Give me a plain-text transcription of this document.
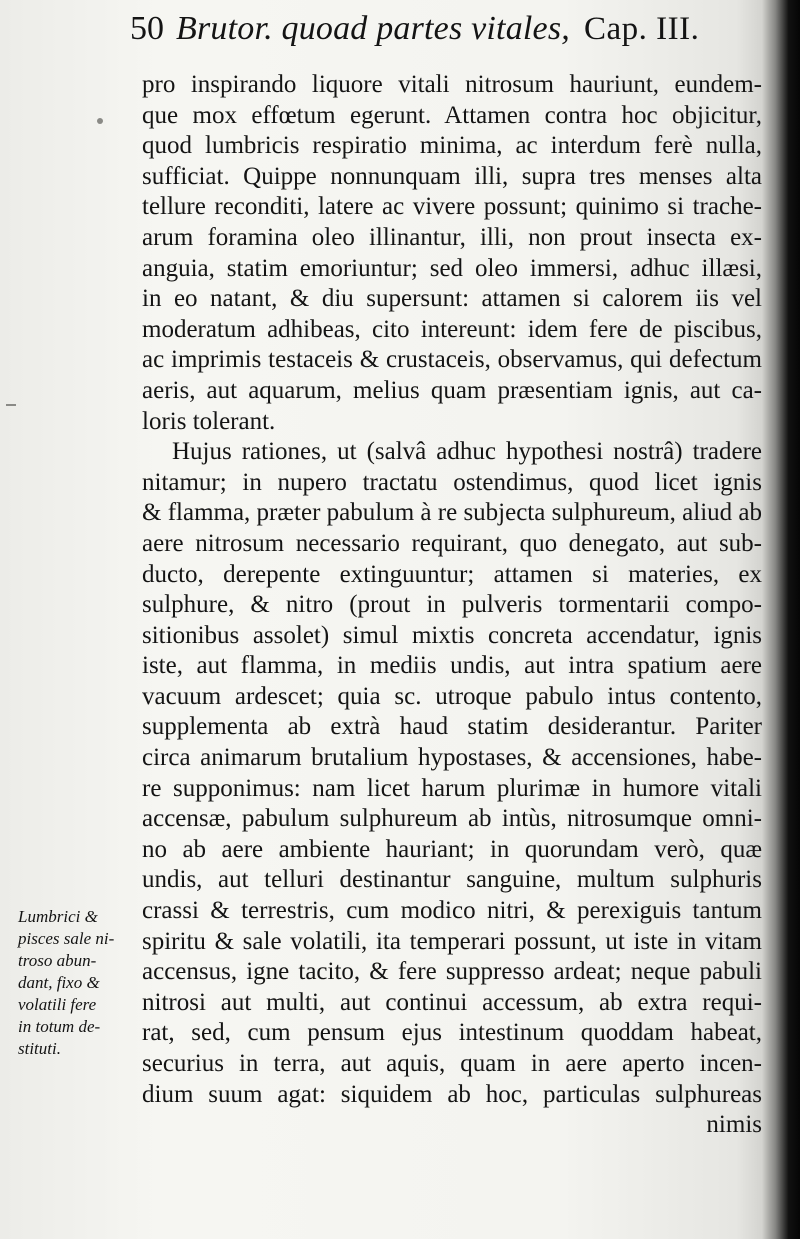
50 Brutor. quoad partes vitales, Cap. III.
pro inspirando liquore vitali nitrosum hauriunt, eundem-
que mox effœtum egerunt. Attamen contra hoc objicitur,
quod lumbricis respiratio minima, ac interdum ferè nulla,
sufficiat. Quippe nonnunquam illi, supra tres menses alta
tellure reconditi, latere ac vivere possunt; quinimo si trache-
arum foramina oleo illinantur, illi, non prout insecta ex-
anguia, statim emoriuntur; sed oleo immersi, adhuc illæsi,
in eo natant, & diu supersunt: attamen si calorem iis vel
moderatum adhibeas, cito intereunt: idem fere de piscibus,
ac imprimis testaceis & crustaceis, observamus, qui defectum
aeris, aut aquarum, melius quam præsentiam ignis, aut ca-
loris tolerant.
Hujus rationes, ut (salvâ adhuc hypothesi nostrâ) tradere
nitamur; in nupero tractatu ostendimus, quod licet ignis
& flamma, præter pabulum à re subjecta sulphureum, aliud ab
aere nitrosum necessario requirant, quo denegato, aut sub-
ducto, derepente extinguuntur; attamen si materies, ex
sulphure, & nitro (prout in pulveris tormentarii compo-
sitionibus assolet) simul mixtis concreta accendatur, ignis
iste, aut flamma, in mediis undis, aut intra spatium aere
vacuum ardescet; quia sc. utroque pabulo intus contento,
supplementa ab extrà haud statim desiderantur. Pariter
circa animarum brutalium hypostases, & accensiones, habe-
re supponimus: nam licet harum plurimæ in humore vitali
accensæ, pabulum sulphureum ab intùs, nitrosumque omni-
no ab aere ambiente hauriant; in quorundam verò, quæ
undis, aut telluri destinantur sanguine, multum sulphuris
crassi & terrestris, cum modico nitri, & perexiguis tantum
spiritu & sale volatili, ita temperari possunt, ut iste in vitam
accensus, igne tacito, & fere suppresso ardeat; neque pabuli
nitrosi aut multi, aut continui accessum, ab extra requi-
rat, sed, cum pensum ejus intestinum quoddam habeat,
securius in terra, aut aquis, quam in aere aperto incen-
dium suum agat: siquidem ab hoc, particulas sulphureas
nimis
Lumbrici &
pisces sale ni-
troso abun-
dant, fixo &
volatili fere
in totum de-
stituti.
